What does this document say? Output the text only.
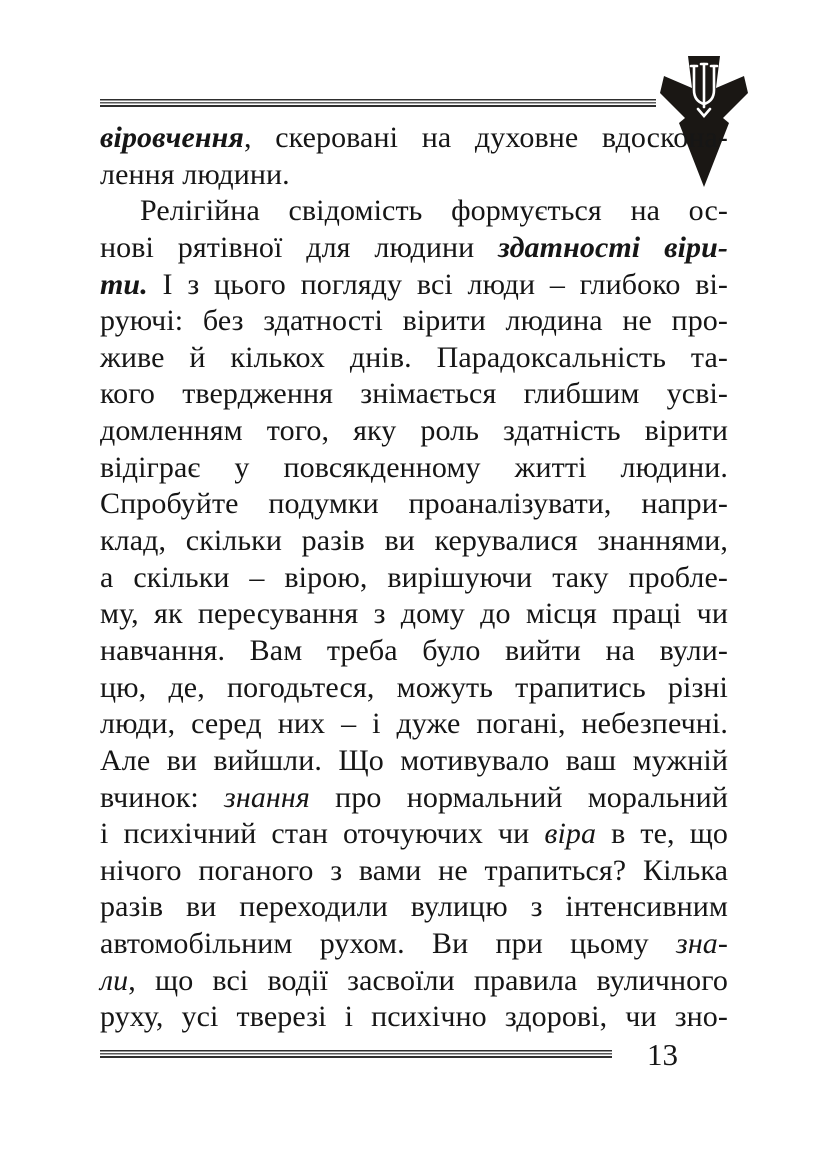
віровчення, скеровані на духовне вдоскона-
лення людини.
Релігійна свідомість формується на ос-
нові рятівної для людини здатності віри-
ти. І з цього погляду всі люди – глибоко ві-
руючі: без здатності вірити людина не про-
живе й кількох днів. Парадоксальність та-
кого твердження знімається глибшим усві-
домленням того, яку роль здатність вірити
відіграє у повсякденному житті людини.
Спробуйте подумки проаналізувати, напри-
клад, скільки разів ви керувалися знаннями,
а скільки – вірою, вирішуючи таку пробле-
му, як пересування з дому до місця праці чи
навчання. Вам треба було вийти на вули-
цю, де, погодьтеся, можуть трапитись різні
люди, серед них – і дуже погані, небезпечні.
Але ви вийшли. Що мотивувало ваш мужній
вчинок: знання про нормальний моральний
і психічний стан оточуючих чи віра в те, що
нічого поганого з вами не трапиться? Кілька
разів ви переходили вулицю з інтенсивним
автомобільним рухом. Ви при цьому зна-
ли, що всі водії засвоїли правила вуличного
руху, усі тверезі і психічно здорові, чи зно-
13
